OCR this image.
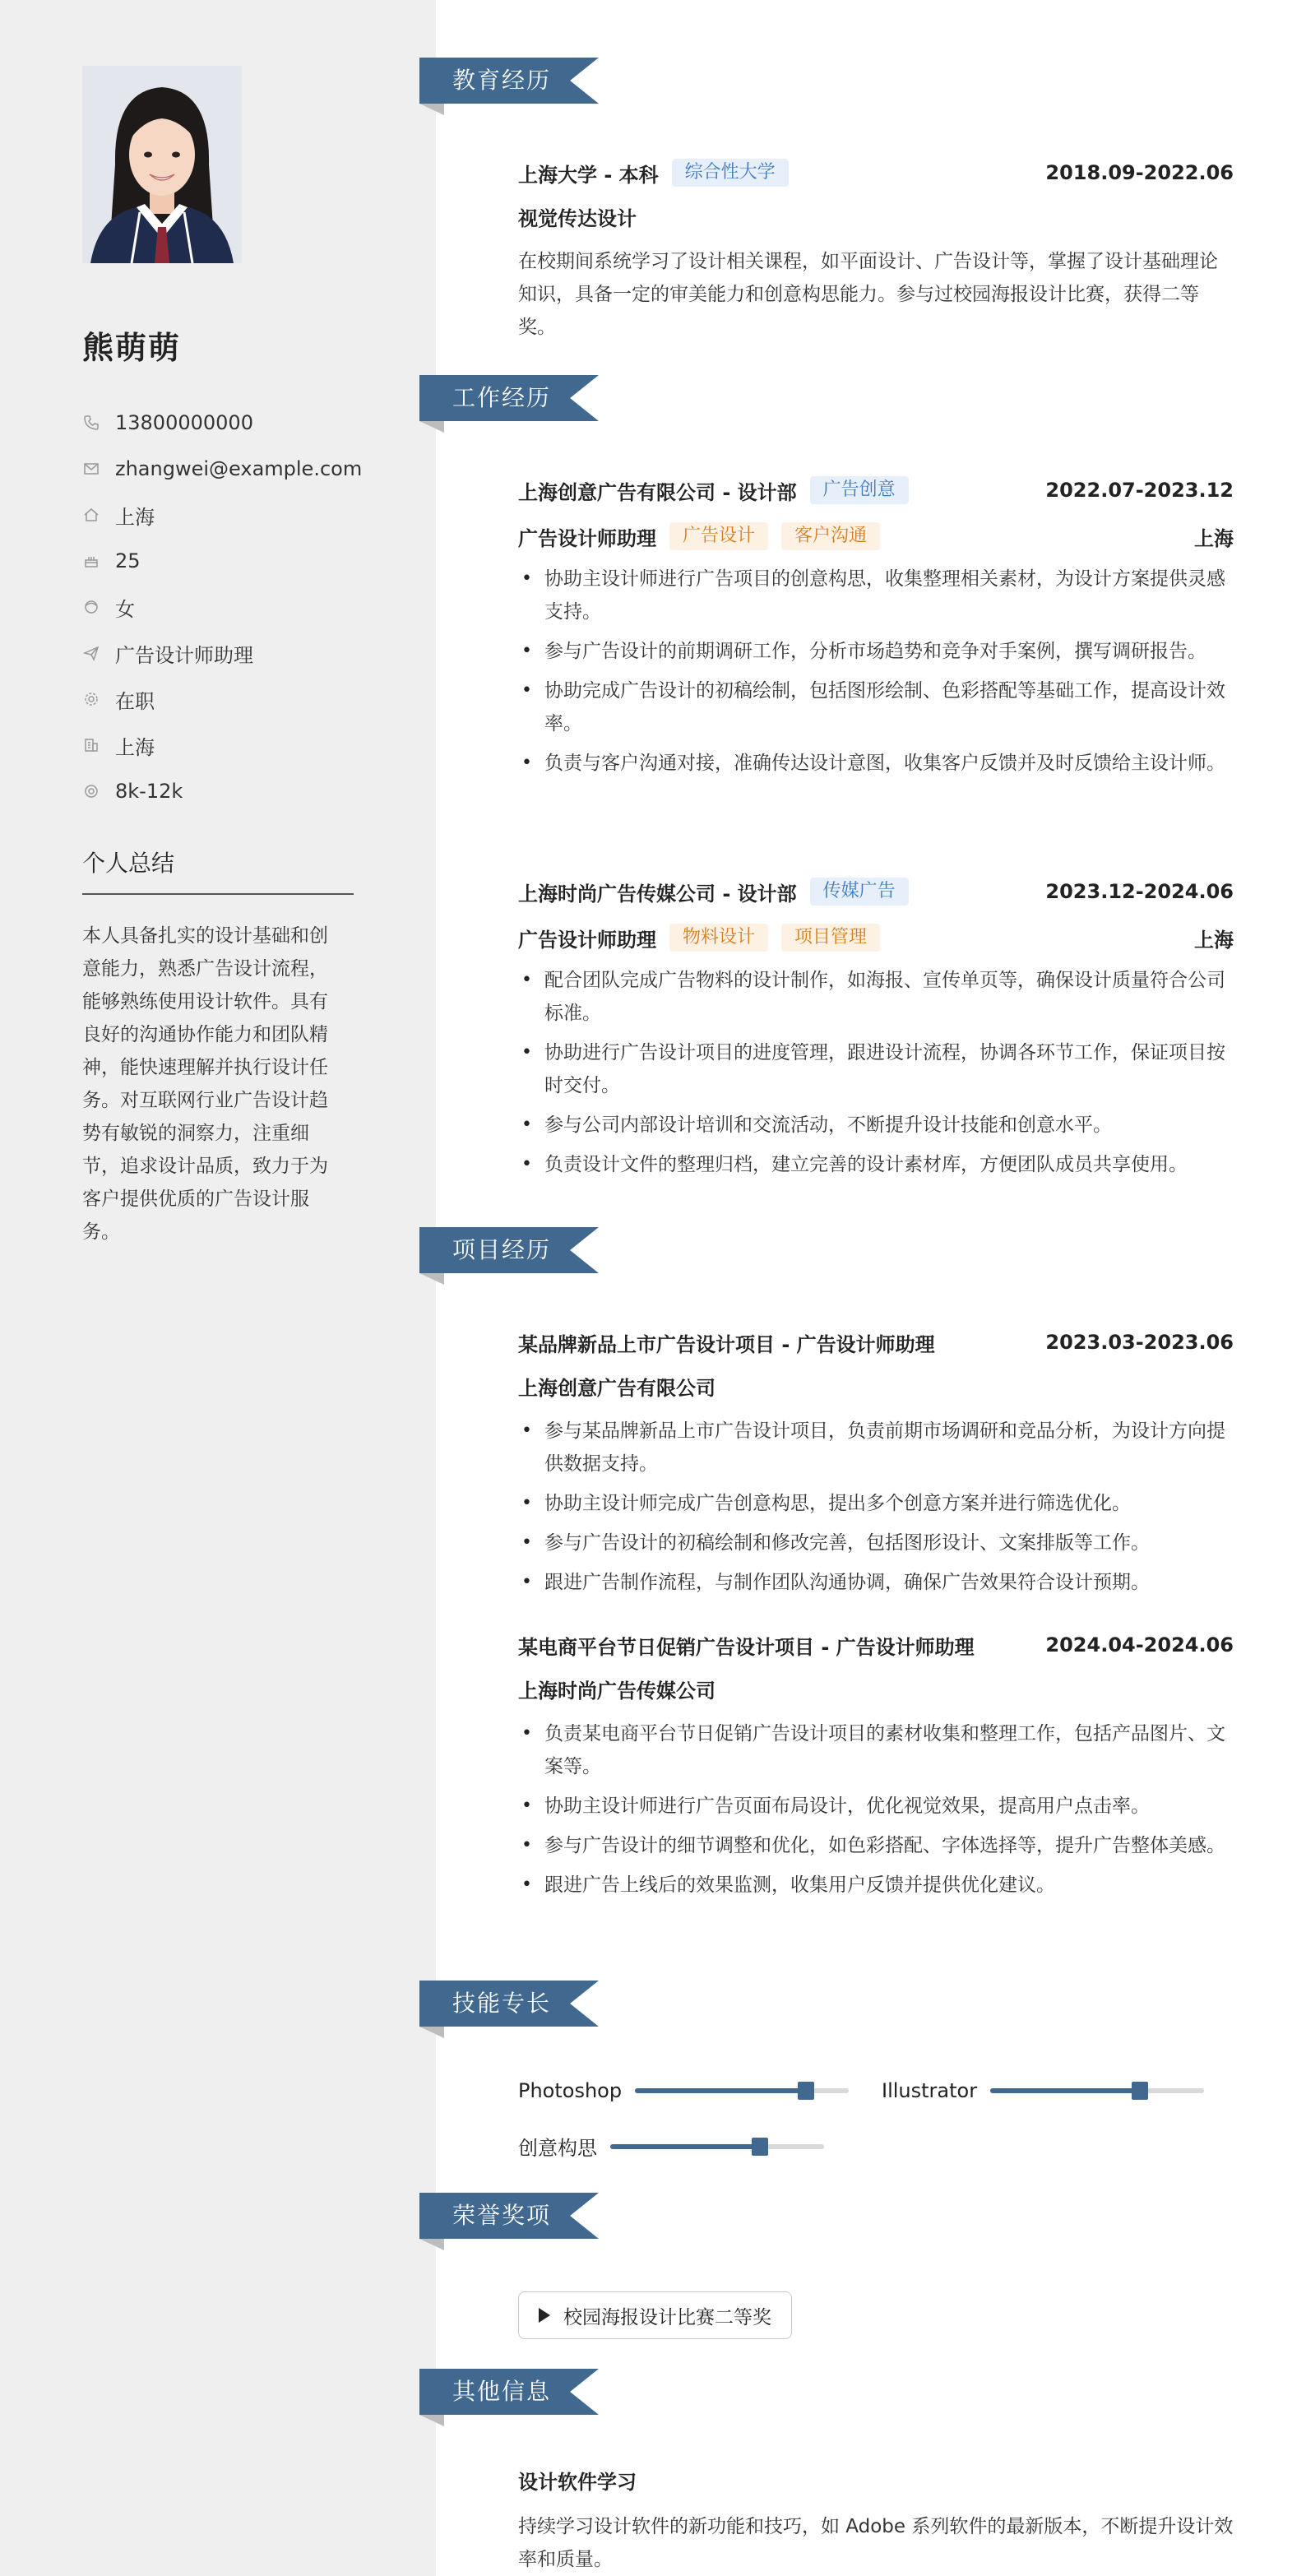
熊萌萌
13800000000
zhangwei@example.com
上海
25
女
广告设计师助理
在职
上海
8k-12k
个人总结
本人具备扎实的设计基础和创意能力，熟悉广告设计流程，能够熟练使用设计软件。具有良好的沟通协作能力和团队精神，能快速理解并执行设计任务。对互联网行业广告设计趋势有敏锐的洞察力，注重细节，追求设计品质，致力于为客户提供优质的广告设计服务。
教育经历
上海大学 - 本科	综合性大学	2018.09-2022.06
视觉传达设计
在校期间系统学习了设计相关课程，如平面设计、广告设计等，掌握了设计基础理论知识，具备一定的审美能力和创意构思能力。参与过校园海报设计比赛，获得二等奖。
工作经历
上海创意广告有限公司 - 设计部	广告创意	2022.07-2023.12
广告设计师助理	广告设计	客户沟通	上海
• 协助主设计师进行广告项目的创意构思，收集整理相关素材，为设计方案提供灵感支持。
• 参与广告设计的前期调研工作，分析市场趋势和竞争对手案例，撰写调研报告。
• 协助完成广告设计的初稿绘制，包括图形绘制、色彩搭配等基础工作，提高设计效率。
• 负责与客户沟通对接，准确传达设计意图，收集客户反馈并及时反馈给主设计师。
上海时尚广告传媒公司 - 设计部	传媒广告	2023.12-2024.06
广告设计师助理	物料设计	项目管理	上海
• 配合团队完成广告物料的设计制作，如海报、宣传单页等，确保设计质量符合公司标准。
• 协助进行广告设计项目的进度管理，跟进设计流程，协调各环节工作，保证项目按时交付。
• 参与公司内部设计培训和交流活动，不断提升设计技能和创意水平。
• 负责设计文件的整理归档，建立完善的设计素材库，方便团队成员共享使用。
项目经历
某品牌新品上市广告设计项目 - 广告设计师助理	2023.03-2023.06
上海创意广告有限公司
• 参与某品牌新品上市广告设计项目，负责前期市场调研和竞品分析，为设计方向提供数据支持。
• 协助主设计师完成广告创意构思，提出多个创意方案并进行筛选优化。
• 参与广告设计的初稿绘制和修改完善，包括图形设计、文案排版等工作。
• 跟进广告制作流程，与制作团队沟通协调，确保广告效果符合设计预期。
某电商平台节日促销广告设计项目 - 广告设计师助理	2024.04-2024.06
上海时尚广告传媒公司
• 负责某电商平台节日促销广告设计项目的素材收集和整理工作，包括产品图片、文案等。
• 协助主设计师进行广告页面布局设计，优化视觉效果，提高用户点击率。
• 参与广告设计的细节调整和优化，如色彩搭配、字体选择等，提升广告整体美感。
• 跟进广告上线后的效果监测，收集用户反馈并提供优化建议。
技能专长
Photoshop	Illustrator
创意构思
荣誉奖项
校园海报设计比赛二等奖
其他信息
设计软件学习
持续学习设计软件的新功能和技巧，如 Adobe 系列软件的最新版本，不断提升设计效率和质量。
